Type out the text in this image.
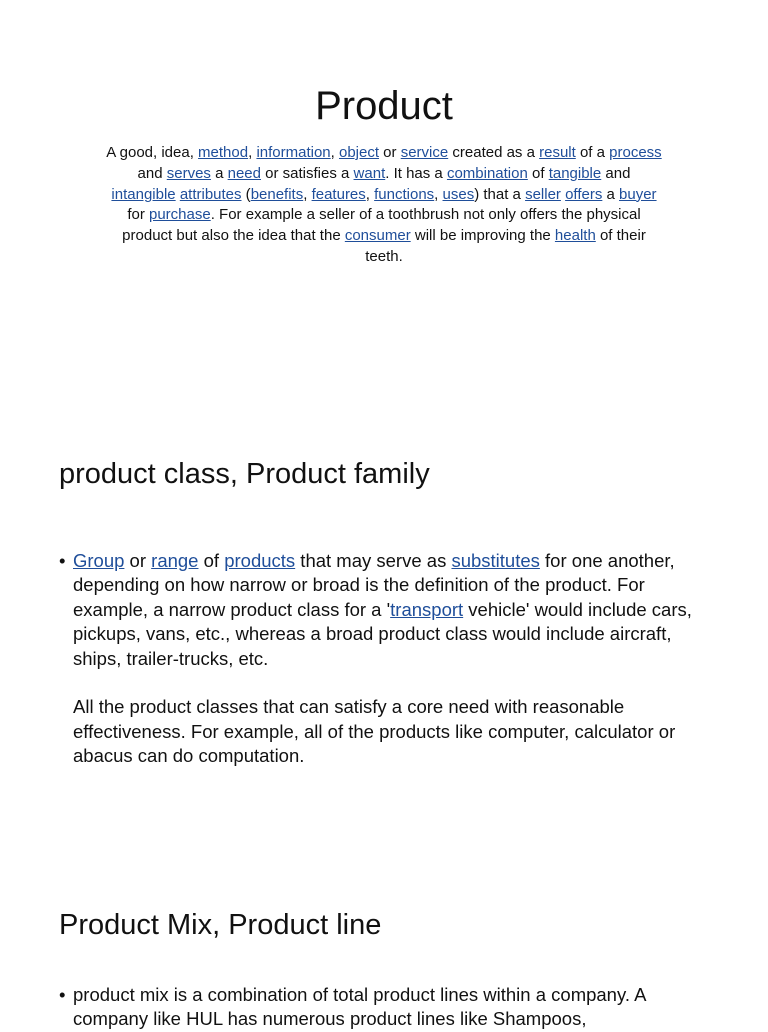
Product
A good, idea, method, information, object or service created as a result of a process and serves a need or satisfies a want. It has a combination of tangible and intangible attributes (benefits, features, functions, uses) that a seller offers a buyer for purchase. For example a seller of a toothbrush not only offers the physical product but also the idea that the consumer will be improving the health of their teeth.
product class, Product family
• Group or range of products that may serve as substitutes for one another, depending on how narrow or broad is the definition of the product. For example, a narrow product class for a 'transport vehicle' would include cars, pickups, vans, etc., whereas a broad product class would include aircraft, ships, trailer-trucks, etc.
All the product classes that can satisfy a core need with reasonable effectiveness. For example, all of the products like computer, calculator or abacus can do computation.
Product Mix, Product line
• product mix is a combination of total product lines within a company. A company like HUL has numerous product lines like Shampoos,
